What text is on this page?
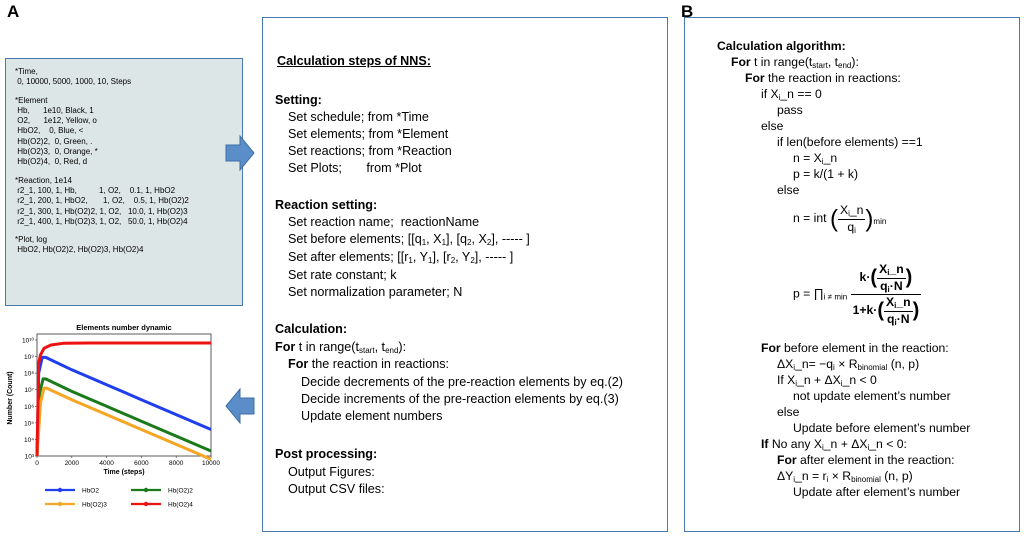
A	B
*Time,
0, 10000, 5000, 1000, 10, Steps
*Element
Hb,      1e10, Black, 1
O2,      1e12, Yellow, o
HbO2,    0, Blue, <
Hb(O2)2,  0, Green, .
Hb(O2)3,  0, Orange, *
Hb(O2)4,  0, Red, d
*Reaction, 1e14
r2_1, 100, 1, Hb,          1, O2,    0.1, 1, HbO2
r2_1, 200, 1, HbO2,       1, O2,    0.5, 1, Hb(O2)2
r2_1, 300, 1, Hb(O2)2, 1, O2,   10.0, 1, Hb(O2)3
r2_1, 400, 1, Hb(O2)3, 1, O2,   50.0, 1, Hb(O2)4
*Plot, log
HbO2, Hb(O2)2, Hb(O2)3, Hb(O2)4
Elements number dynamic
10³
10⁴
10⁵
10⁶
10⁷
10⁸
10⁹
10¹⁰
0	2000	4000	6000	8000	10000
Time (steps)
Number (Count)
HbO2	Hb(O2)2
Hb(O2)3	Hb(O2)4
Calculation steps of NNS:
Setting:
Set schedule; from *Time
Set elements; from *Element
Set reactions; from *Reaction
Set Plots;       from *Plot
Reaction setting:
Set reaction name;  reactionName
Set before elements; [[$q_1$, $X_1$], [$q_2$, $X_2$], ----- ]
Set after elements; [[$r_1$, $Y_1$], [$r_2$, $Y_2$], ----- ]
Set rate constant; k
Set normalization parameter; N
Calculation:
For t in $range(t_{start}$, $t_{end}$):
For the reaction in reactions:
Decide decrements of the pre-reaction elements by eq.(2)
Decide increments of the pre-reaction elements by eq.(3)
Update element numbers
Post processing:
Output Figures:
Output CSV files:
Calculation algorithm:
For t in $range(t_{start}$, $t_{end}$):
For the reaction in reactions:
if $X_i\_n == 0$
pass
else
if len(before elements) ==1
$n = X_i\_n$
p = k/(1 + k)
else
n = int ( $\frac{X_i\_n}{q_i} )_{min}$
$p = \prod_{i \ne min} \frac{k\cdot( \frac{X_i\_n}{q_i\cdot N} )}{1+k\cdot( \frac{X_i\_n}{q_i\cdot N} )}$
For before element in the reaction:
$\Delta X_i\_n= -q_i \times R_{binomial}$ (n, p)
If $X_i\_n$ + $\Delta X_i\_n < 0$
not update element’s number
else
Update before element’s number
If No any $X_i\_n$ + $\Delta X_i\_n < 0$:
For after element in the reaction:
$\Delta Y_i\_n = r_i \times R_{binomial}$ (n, p)
Update after element’s number
